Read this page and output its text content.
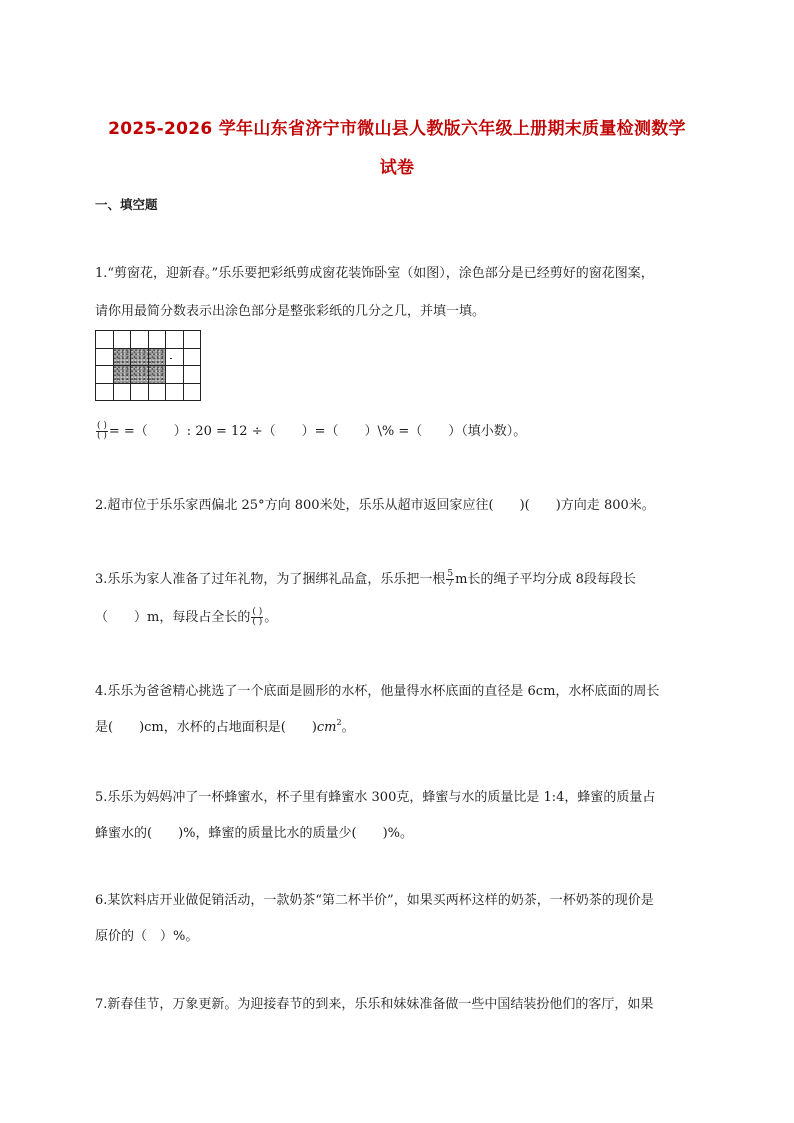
2025-2026 学年山东省济宁市微山县人教版六年级上册期末质量检测数学
试卷
一、填空题
1.“剪窗花，迎新春。”乐乐要把彩纸剪成窗花装饰卧室（如图），涂色部分是已经剪好的窗花图案，
请你用最简分数表示出涂色部分是整张彩纸的几分之几，并填一填。
$\frac{( )}{( )}$ = =（　　）: 20 = 12 ÷（　　）=（　　）\% =（　　）（填小数）。
2.超市位于乐乐家西偏北 25°方向 800米处，乐乐从超市返回家应往(　　)(　　)方向走 800米。
3.乐乐为家人准备了过年礼物，为了捆绑礼品盒，乐乐把一根 $\frac{5}{7}$ m长的绳子平均分成 8段每段长
（　　）m，每段占全长的 $\frac{( )}{( )}$ 。
4.乐乐为爸爸精心挑选了一个底面是圆形的水杯，他量得水杯底面的直径是 6cm，水杯底面的周长
是(　　)cm，水杯的占地面积是(　　)$cm^2$。
5.乐乐为妈妈冲了一杯蜂蜜水，杯子里有蜂蜜水 300克，蜂蜜与水的质量比是 1:4，蜂蜜的质量占
蜂蜜水的(　　)%，蜂蜜的质量比水的质量少(　　)%。
6.某饮料店开业做促销活动，一款奶茶“第二杯半价”，如果买两杯这样的奶茶，一杯奶茶的现价是
原价的（　）%。
7.新春佳节，万象更新。为迎接春节的到来，乐乐和妹妹准备做一些中国结装扮他们的客厅，如果
